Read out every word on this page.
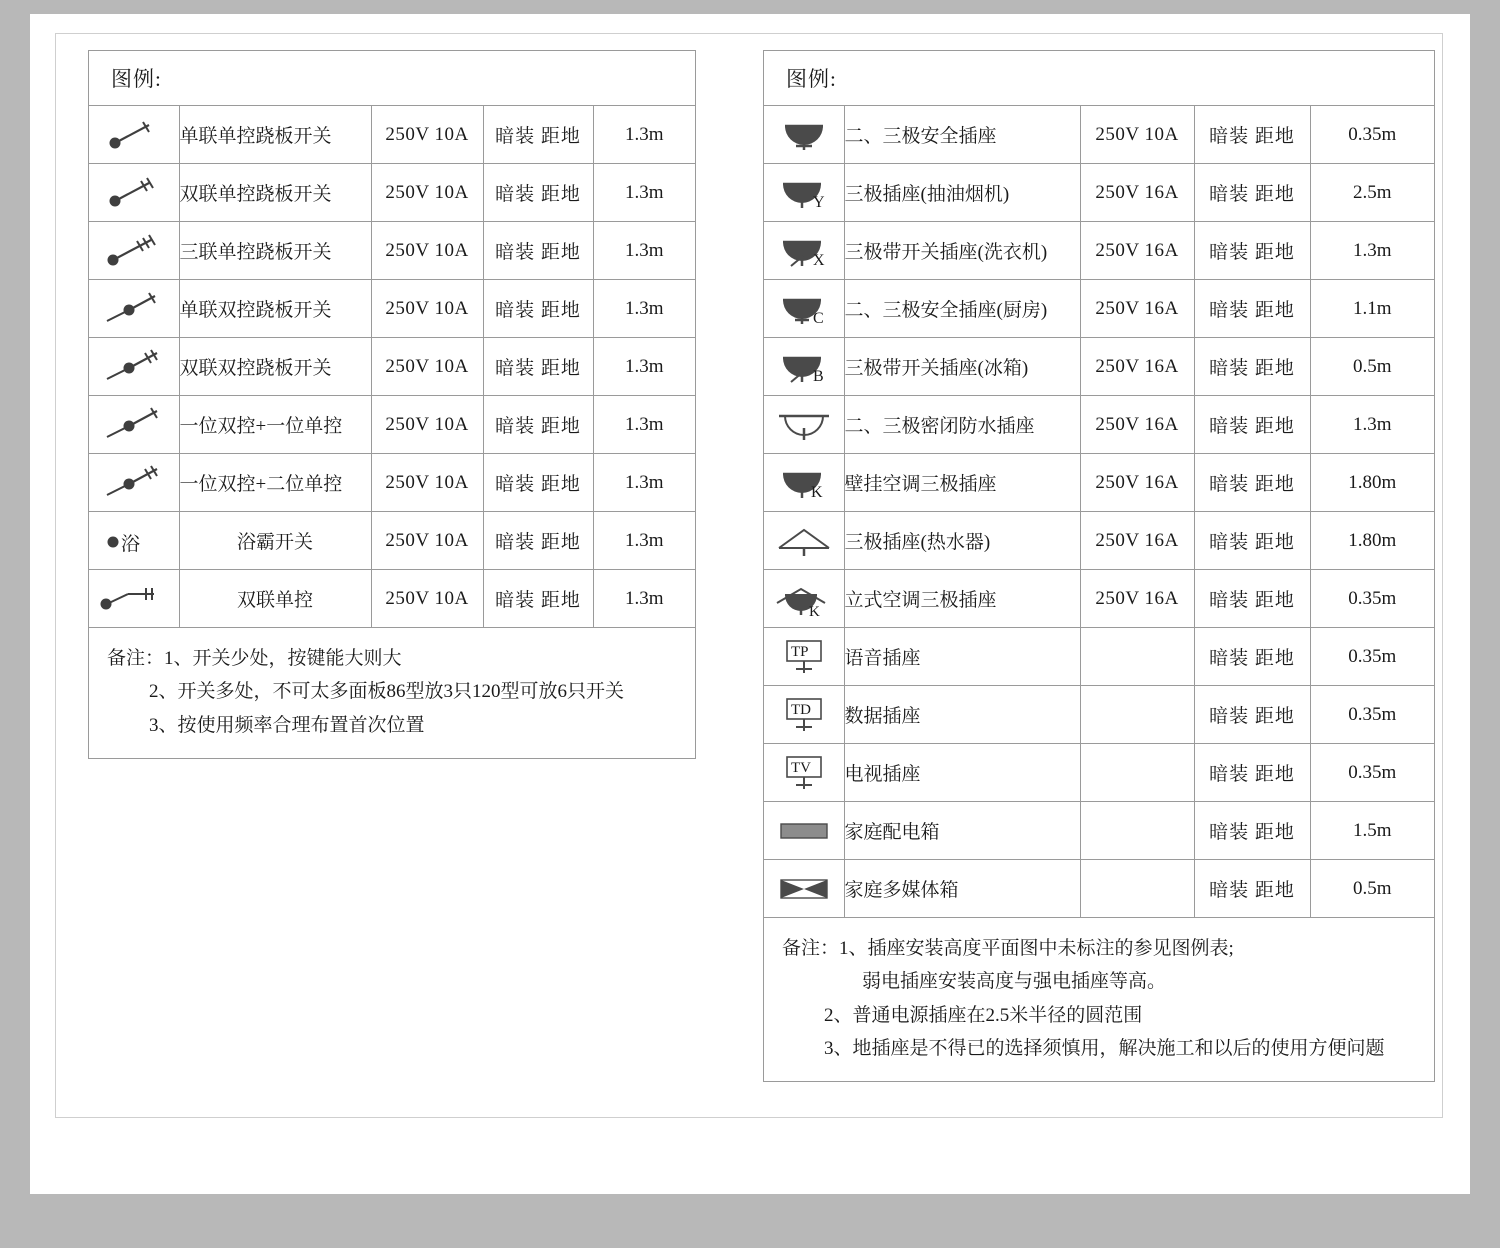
图例:
	单联单控跷板开关	250V 10A	暗装 距地	1.3m

	双联单控跷板开关	250V 10A	暗装 距地	1.3m

	三联单控跷板开关	250V 10A	暗装 距地	1.3m

	单联双控跷板开关	250V 10A	暗装 距地	1.3m

	双联双控跷板开关	250V 10A	暗装 距地	1.3m

	一位双控+一位单控	250V 10A	暗装 距地	1.3m

	一位双控+二位单控	250V 10A	暗装 距地	1.3m

浴	浴霸开关	250V 10A	暗装 距地	1.3m

	双联单控	250V 10A	暗装 距地	1.3m
备注：1、开关少处，按键能大则大
2、开关多处，不可太多面板86型放3只120型可放6只开关
3、按使用频率合理布置首次位置
图例:
	二、三极安全插座	250V 10A	暗装 距地	0.35m

Y	三极插座(抽油烟机)	250V 16A	暗装 距地	2.5m

X	三极带开关插座(洗衣机)	250V 16A	暗装 距地	1.3m

C	二、三极安全插座(厨房)	250V 16A	暗装 距地	1.1m

B	三极带开关插座(冰箱)	250V 16A	暗装 距地	0.5m

	二、三极密闭防水插座	250V 16A	暗装 距地	1.3m

K	壁挂空调三极插座	250V 16A	暗装 距地	1.80m

	三极插座(热水器)	250V 16A	暗装 距地	1.80m

K	立式空调三极插座	250V 16A	暗装 距地	0.35m

TP	语音插座		暗装 距地	0.35m

TD	数据插座		暗装 距地	0.35m

TV	电视插座		暗装 距地	0.35m

	家庭配电箱		暗装 距地	1.5m

	家庭多媒体箱		暗装 距地	0.5m
备注：1、插座安装高度平面图中未标注的参见图例表;
弱电插座安装高度与强电插座等高。
2、普通电源插座在2.5米半径的圆范围
3、地插座是不得已的选择须慎用，解决施工和以后的使用方便问题
